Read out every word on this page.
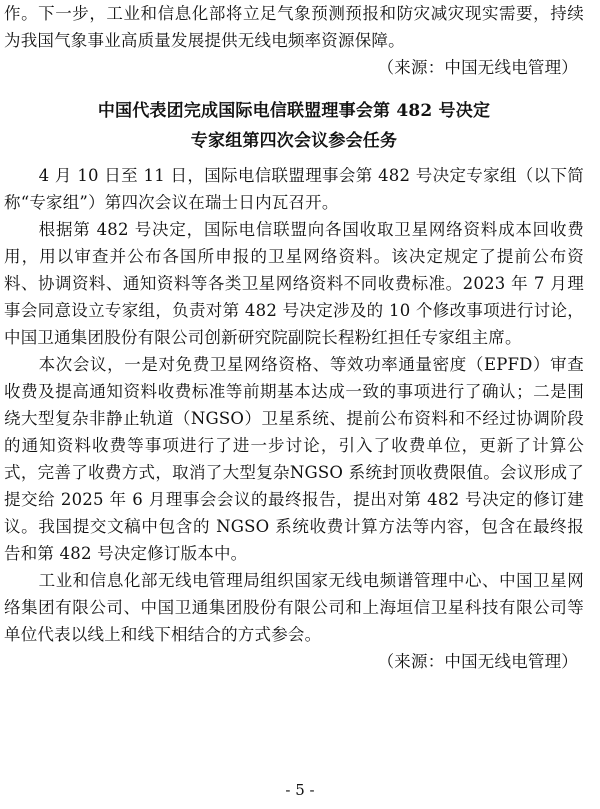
作。下一步，工业和信息化部将立足气象预测预报和防灾减灾现实需要，持续为我国气象事业高质量发展提供无线电频率资源保障。

（来源：中国无线电管理）

中国代表团完成国际电信联盟理事会第 482 号决定

专家组第四次会议参会任务

4 月 10 日至 11 日，国际电信联盟理事会第 482 号决定专家组（以下简称“专家组”）第四次会议在瑞士日内瓦召开。

根据第 482 号决定，国际电信联盟向各国收取卫星网络资料成本回收费用，用以审查并公布各国所申报的卫星网络资料。该决定规定了提前公布资料、协调资料、通知资料等各类卫星网络资料不同收费标准。2023 年 7 月理事会同意设立专家组，负责对第 482 号决定涉及的 10 个修改事项进行讨论，中国卫通集团股份有限公司创新研究院副院长程粉红担任专家组主席。

本次会议，一是对免费卫星网络资格、等效功率通量密度（EPFD）审查收费及提高通知资料收费标准等前期基本达成一致的事项进行了确认；二是围绕大型复杂非静止轨道（NGSO）卫星系统、提前公布资料和不经过协调阶段的通知资料收费等事项进行了进一步讨论，引入了收费单位，更新了计算公式，完善了收费方式，取消了大型复杂NGSO 系统封顶收费限值。会议形成了提交给 2025 年 6 月理事会会议的最终报告，提出对第 482 号决定的修订建议。我国提交文稿中包含的 NGSO 系统收费计算方法等内容，包含在最终报告和第 482 号决定修订版本中。

工业和信息化部无线电管理局组织国家无线电频谱管理中心、中国卫星网络集团有限公司、中国卫通集团股份有限公司和上海垣信卫星科技有限公司等单位代表以线上和线下相结合的方式参会。

（来源：中国无线电管理）

- 5 -
